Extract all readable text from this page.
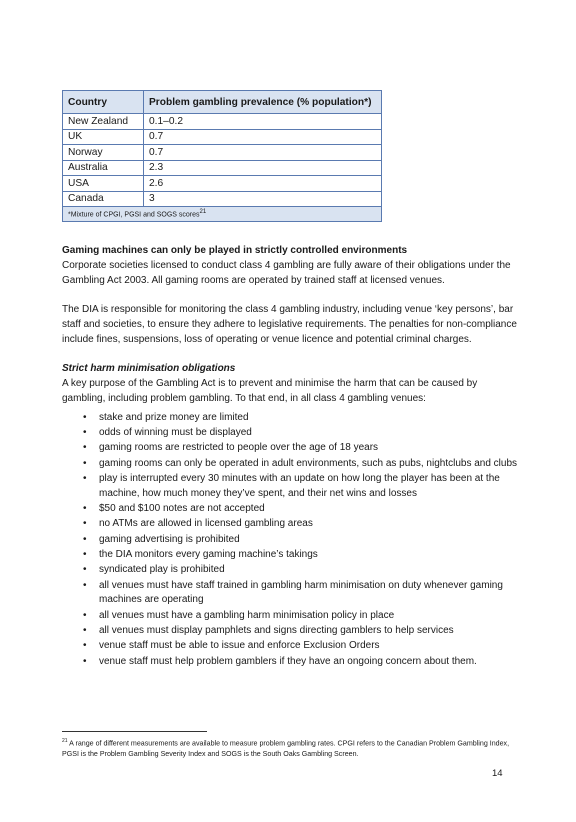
Country	Problem gambling prevalence (% population*)
New Zealand	0.1–0.2
UK	0.7
Norway	0.7
Australia	2.3
USA	2.6
Canada	3
*Mixture of CPGI, PGSI and SOGS scores$^{21}$

Gaming machines can only be played in strictly controlled environments

Corporate societies licensed to conduct class 4 gambling are fully aware of their obligations under the Gambling Act 2003. All gaming rooms are operated by trained staff at licensed venues.

The DIA is responsible for monitoring the class 4 gambling industry, including venue ‘key persons’, bar staff and societies, to ensure they adhere to legislative requirements. The penalties for non-compliance include fines, suspensions, loss of operating or venue licence and potential criminal charges.

Strict harm minimisation obligations

A key purpose of the Gambling Act is to prevent and minimise the harm that can be caused by gambling, including problem gambling. To that end, in all class 4 gambling venues:

• stake and prize money are limited
• odds of winning must be displayed
• gaming rooms are restricted to people over the age of 18 years
• gaming rooms can only be operated in adult environments, such as pubs, nightclubs and clubs
• play is interrupted every 30 minutes with an update on how long the player has been at the machine, how much money they’ve spent, and their net wins and losses
• $50 and $100 notes are not accepted
• no ATMs are allowed in licensed gambling areas
• gaming advertising is prohibited
• the DIA monitors every gaming machine’s takings
• syndicated play is prohibited
• all venues must have staff trained in gambling harm minimisation on duty whenever gaming machines are operating
• all venues must have a gambling harm minimisation policy in place
• all venues must display pamphlets and signs directing gamblers to help services
• venue staff must be able to issue and enforce Exclusion Orders
• venue staff must help problem gamblers if they have an ongoing concern about them.
$^{21}$ A range of different measurements are available to measure problem gambling rates. CPGI refers to the Canadian Problem Gambling Index, PGSI is the Problem Gambling Severity Index and SOGS is the South Oaks Gambling Screen.
14
